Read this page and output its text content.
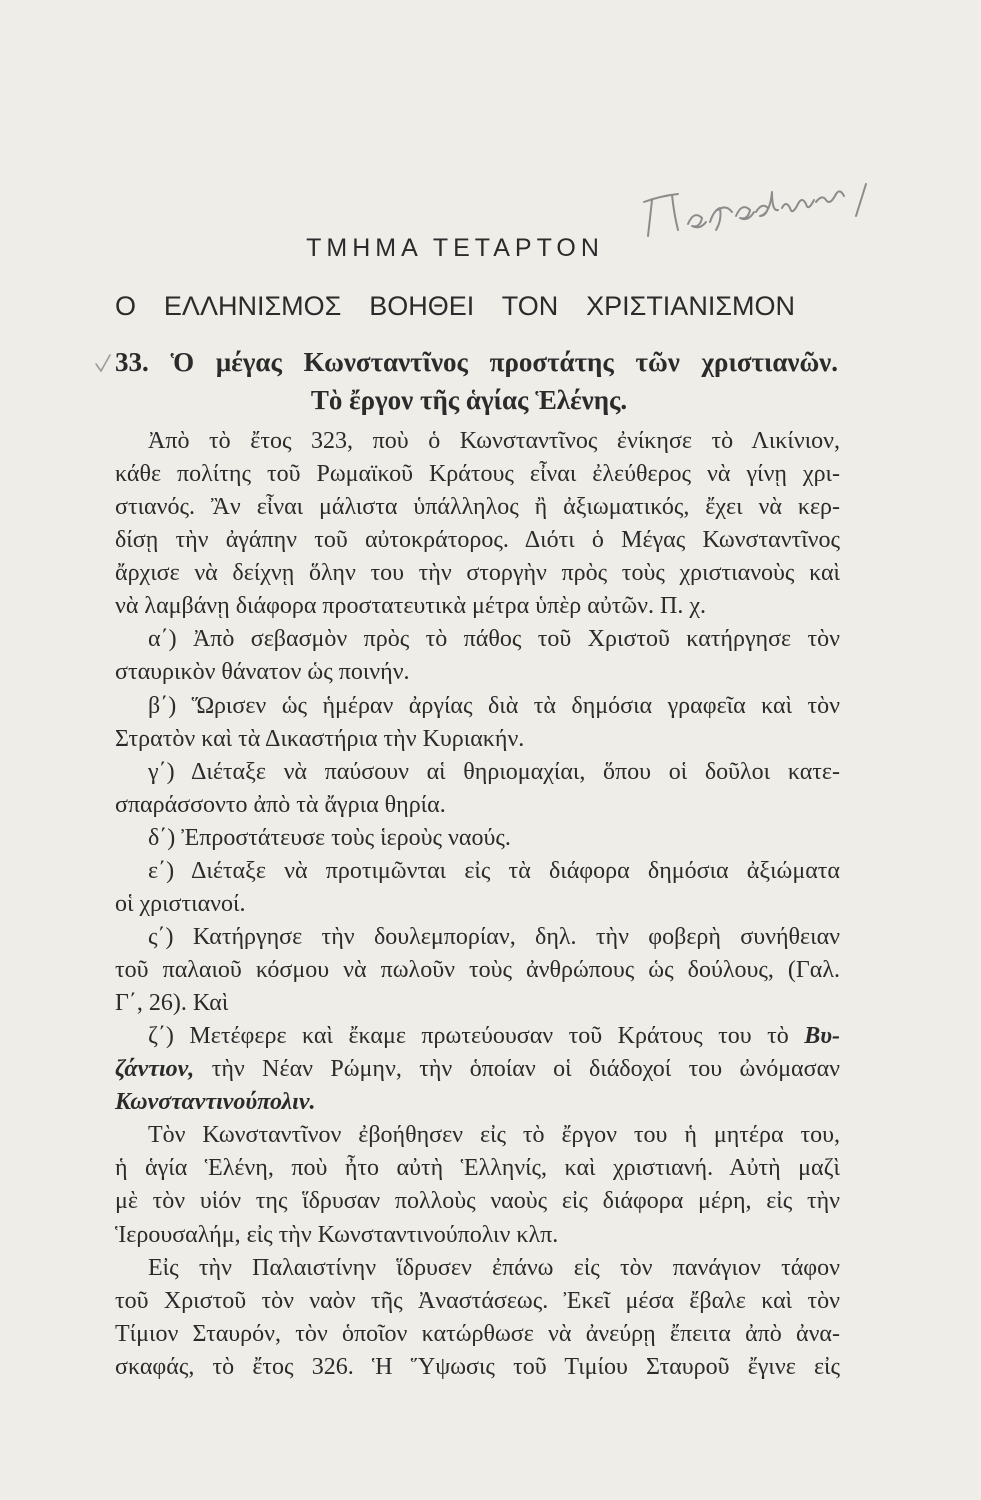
ΤΜΗΜΑ ΤΕΤΑΡΤΟΝ
Ο ΕΛΛΗΝΙΣΜΟΣ ΒΟΗΘΕΙ ΤΟΝ ΧΡΙΣΤΙΑΝΙΣΜΟΝ
33. Ὁ μέγας Κωνσταντῖνος προστάτης τῶν χριστιανῶν.
Τὸ ἔργον τῆς ἁγίας Ἑλένης.
Ἀπὸ τὸ ἔτος 323, ποὺ ὁ Κωνσταντῖνος ἐνίκησε τὸ Λικίνιον,
κάθε πολίτης τοῦ Ρωμαϊκοῦ Κράτους εἶναι ἐλεύθερος νὰ γίνῃ χρι-
στιανός. Ἂν εἶναι μάλιστα ὑπάλληλος ἢ ἀξιωματικός, ἔχει νὰ κερ-
δίσῃ τὴν ἀγάπην τοῦ αὐτοκράτορος. Διότι ὁ Μέγας Κωνσταντῖνος
ἄρχισε νὰ δείχνῃ ὅλην του τὴν στοργὴν πρὸς τοὺς χριστιανοὺς καὶ
νὰ λαμβάνῃ διάφορα προστατευτικὰ μέτρα ὑπὲρ αὐτῶν. Π. χ.
α΄) Ἀπὸ σεβασμὸν πρὸς τὸ πάθος τοῦ Χριστοῦ κατήργησε τὸν
σταυρικὸν θάνατον ὡς ποινήν.
β΄) Ὥρισεν ὡς ἡμέραν ἀργίας διὰ τὰ δημόσια γραφεῖα καὶ τὸν
Στρατὸν καὶ τὰ Δικαστήρια τὴν Κυριακήν.
γ΄) Διέταξε νὰ παύσουν αἱ θηριομαχίαι, ὅπου οἱ δοῦλοι κατε-
σπαράσσοντο ἀπὸ τὰ ἄγρια θηρία.
δ΄) Ἐπροστάτευσε τοὺς ἱεροὺς ναούς.
ε΄) Διέταξε νὰ προτιμῶνται εἰς τὰ διάφορα δημόσια ἀξιώματα
οἱ χριστιανοί.
ς΄) Κατήργησε τὴν δουλεμπορίαν, δηλ. τὴν φοβερὴ συνήθειαν
τοῦ παλαιοῦ κόσμου νὰ πωλοῦν τοὺς ἀνθρώπους ὡς δούλους, (Γαλ.
Γ΄, 26). Καὶ
ζ΄) Μετέφερε καὶ ἔκαμε πρωτεύουσαν τοῦ Κράτους του τὸ Βυ-
ζάντιον, τὴν Νέαν Ρώμην, τὴν ὁποίαν οἱ διάδοχοί του ὠνόμασαν
Κωνσταντινούπολιν.
Τὸν Κωνσταντῖνον ἐβοήθησεν εἰς τὸ ἔργον του ἡ μητέρα του,
ἡ ἁγία Ἑλένη, ποὺ ἦτο αὐτὴ Ἑλληνίς, καὶ χριστιανή. Αὐτὴ μαζὶ
μὲ τὸν υἱόν της ἵδρυσαν πολλοὺς ναοὺς εἰς διάφορα μέρη, εἰς τὴν
Ἱερουσαλήμ, εἰς τὴν Κωνσταντινούπολιν κλπ.
Εἰς τὴν Παλαιστίνην ἵδρυσεν ἐπάνω εἰς τὸν πανάγιον τάφον
τοῦ Χριστοῦ τὸν ναὸν τῆς Ἀναστάσεως. Ἐκεῖ μέσα ἔβαλε καὶ τὸν
Τίμιον Σταυρόν, τὸν ὁποῖον κατώρθωσε νὰ ἀνεύρῃ ἔπειτα ἀπὸ ἀνα-
σκαφάς, τὸ ἔτος 326. Ἡ Ὕψωσις τοῦ Τιμίου Σταυροῦ ἔγινε εἰς
